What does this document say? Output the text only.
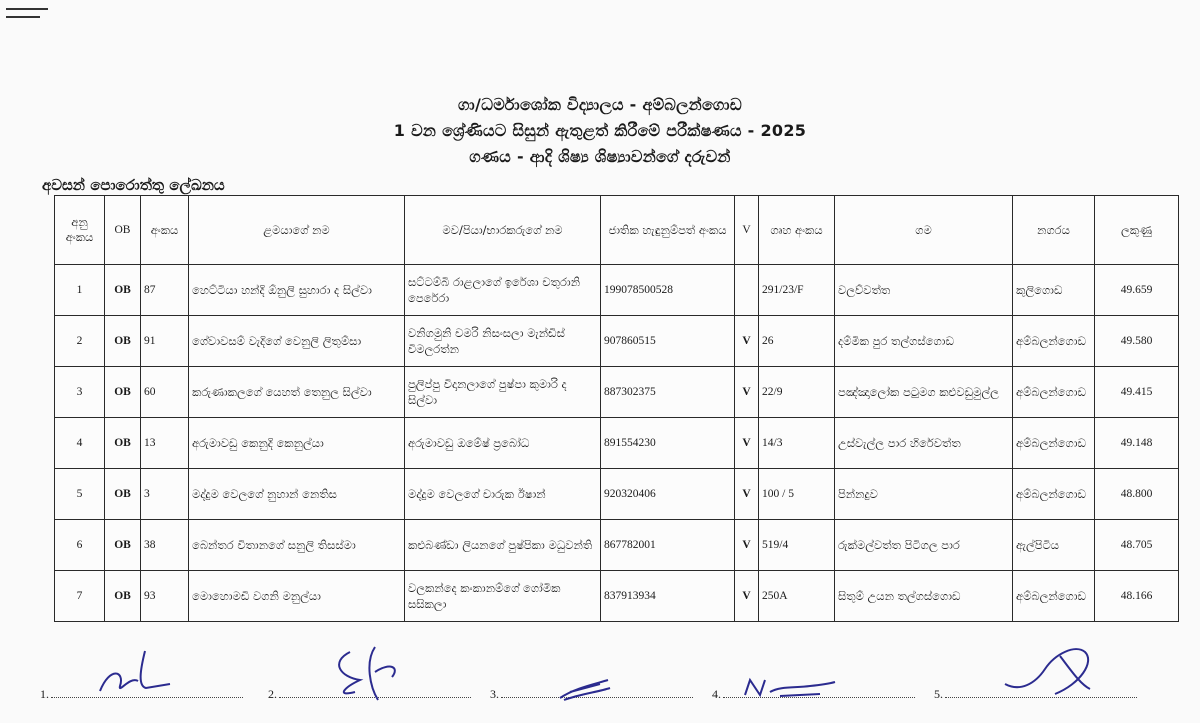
ගා/ධර්මාශෝක විද්‍යාලය - අම්බලන්ගොඩ
1 වන ශ්‍රේණියට සිසුන් ඇතුළත් කිරීමේ පරීක්ෂණය - 2025
ගණය - ආදි ශිෂ්‍ය ශිෂ්‍යාවන්ගේ දරුවන්
අවසන් පොරොත්තු ලේඛනය
අනු අංකය	OB	අංකය	ළමයාගේ නම	මව/පියා/භාරකරුගේ නම	ජාතික හැඳුනුම්පත් අංකය	V	ගෘහ අංකය	ගම	නගරය	ලකුණු
1	OB	87	හෙට්ටියා හන්දි ඕනුලි සුහාරා ද සිල්වා	සට්ටම්බි රාළලාගේ ඉරේශා චතුරානි පෙරේරා	199078500528		291/23/F	වලව්වත්ත	කුලිගොඩ	49.659
2	OB	91	ගේවාවසම් වැදිගේ වෙනුලි ලිතුම්සා	වනිගමුනි චමරි නිසංසලා මැන්ඩිස් විමලරත්න	907860515	V	26	දම්මික පුර තල්ගස්ගොඩ	අම්බලන්ගොඩ	49.580
3	OB	60	කරුණාකලගේ යෙහත් තෙනුල සිල්වා	පුලිප්පු විදානලාගේ පුෂ්පා කුමාරි ද සිල්වා	887302375	V	22/9	පඤ්ඤාලෝක පටුමග කළුවඩුමුල්ල	අම්බලන්ගොඩ	49.415
4	OB	13	අරුමාවඩු කෙනුදි කෙනුල්යා	අරුමාවඩු ඔමේෂ් ප්‍රබෝධ	891554230	V	14/3	උස්වැල්ල පාර හිරේවත්ත	අම්බලන්ගොඩ	49.148
5	OB	3	මද්දුම වෙලගේ නුහාන් නෙතිස	මද්දුම වෙලගේ චාරුක ඊෂාන්	920320406	V	100 / 5	පින්නදුව	අම්බලන්ගොඩ	48.800
6	OB	38	බෙන්තර විතානගේ සනුලි තිසස්මා	කළුබණ්ඩා ලියනගේ පුෂ්පිකා මධුවන්ති	867782001	V	519/4	රුක්මල්වත්ත පිටිගල පාර	ඇල්පිටිය	48.705
7	OB	93	මොහොමඩි වගනි මනුල්යා	වලකන්දෙ කංකානම්ගේ ගෝමික සසිකලා	837913934	V	250A	සිතුම් උයන තල්ගස්ගොඩ	අම්බලන්ගොඩ	48.166
1.	2.	3.	4.	5.
